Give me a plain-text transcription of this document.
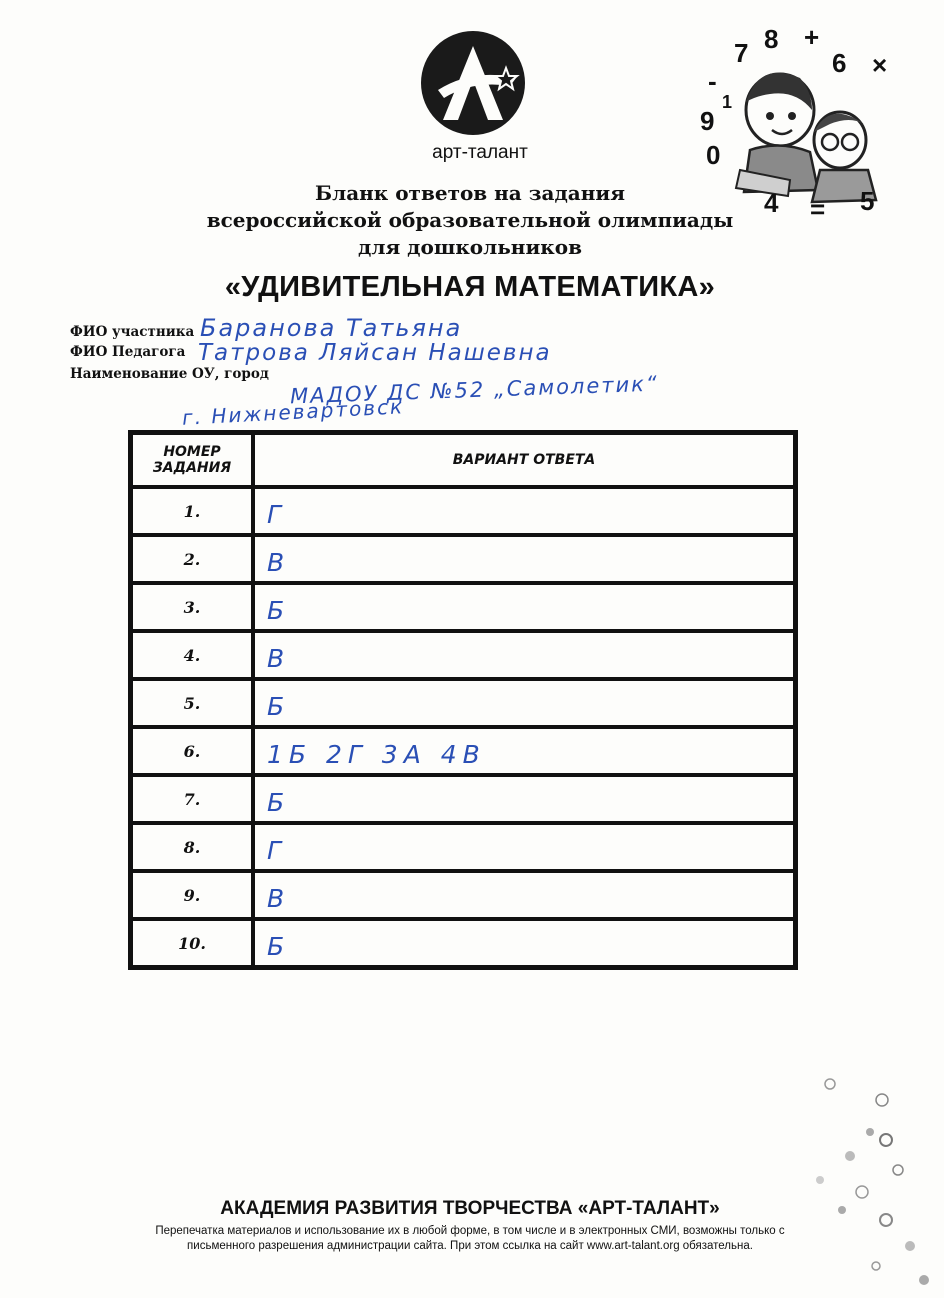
арт-талант
7 8 +
6 ×
-
1
9
0
4 = 5
Бланк ответов на задания
всероссийской образовательной олимпиады
для дошкольников
«УДИВИТЕЛЬНАЯ МАТЕМАТИКА»
ФИО участника Баранова Татьяна
ФИО Педагога Татрова Ляйсан Нашевна
Наименование ОУ, город МАДОУ ДС №52 „Самолетик“
г. Нижневартовск
НОМЕР
ЗАДАНИЯ	ВАРИАНТ ОТВЕТА
1.	Г
2.	В
3.	Б
4.	В
5.	Б
6.	1Б 2Г 3А 4В
7.	Б
8.	Г
9.	В
10.	Б
АКАДЕМИЯ РАЗВИТИЯ ТВОРЧЕСТВА «АРТ-ТАЛАНТ»
Перепечатка материалов и использование их в любой форме, в том числе и в электронных СМИ, возможны только с
письменного разрешения администрации сайта. При этом ссылка на сайт www.art-talant.org обязательна.
